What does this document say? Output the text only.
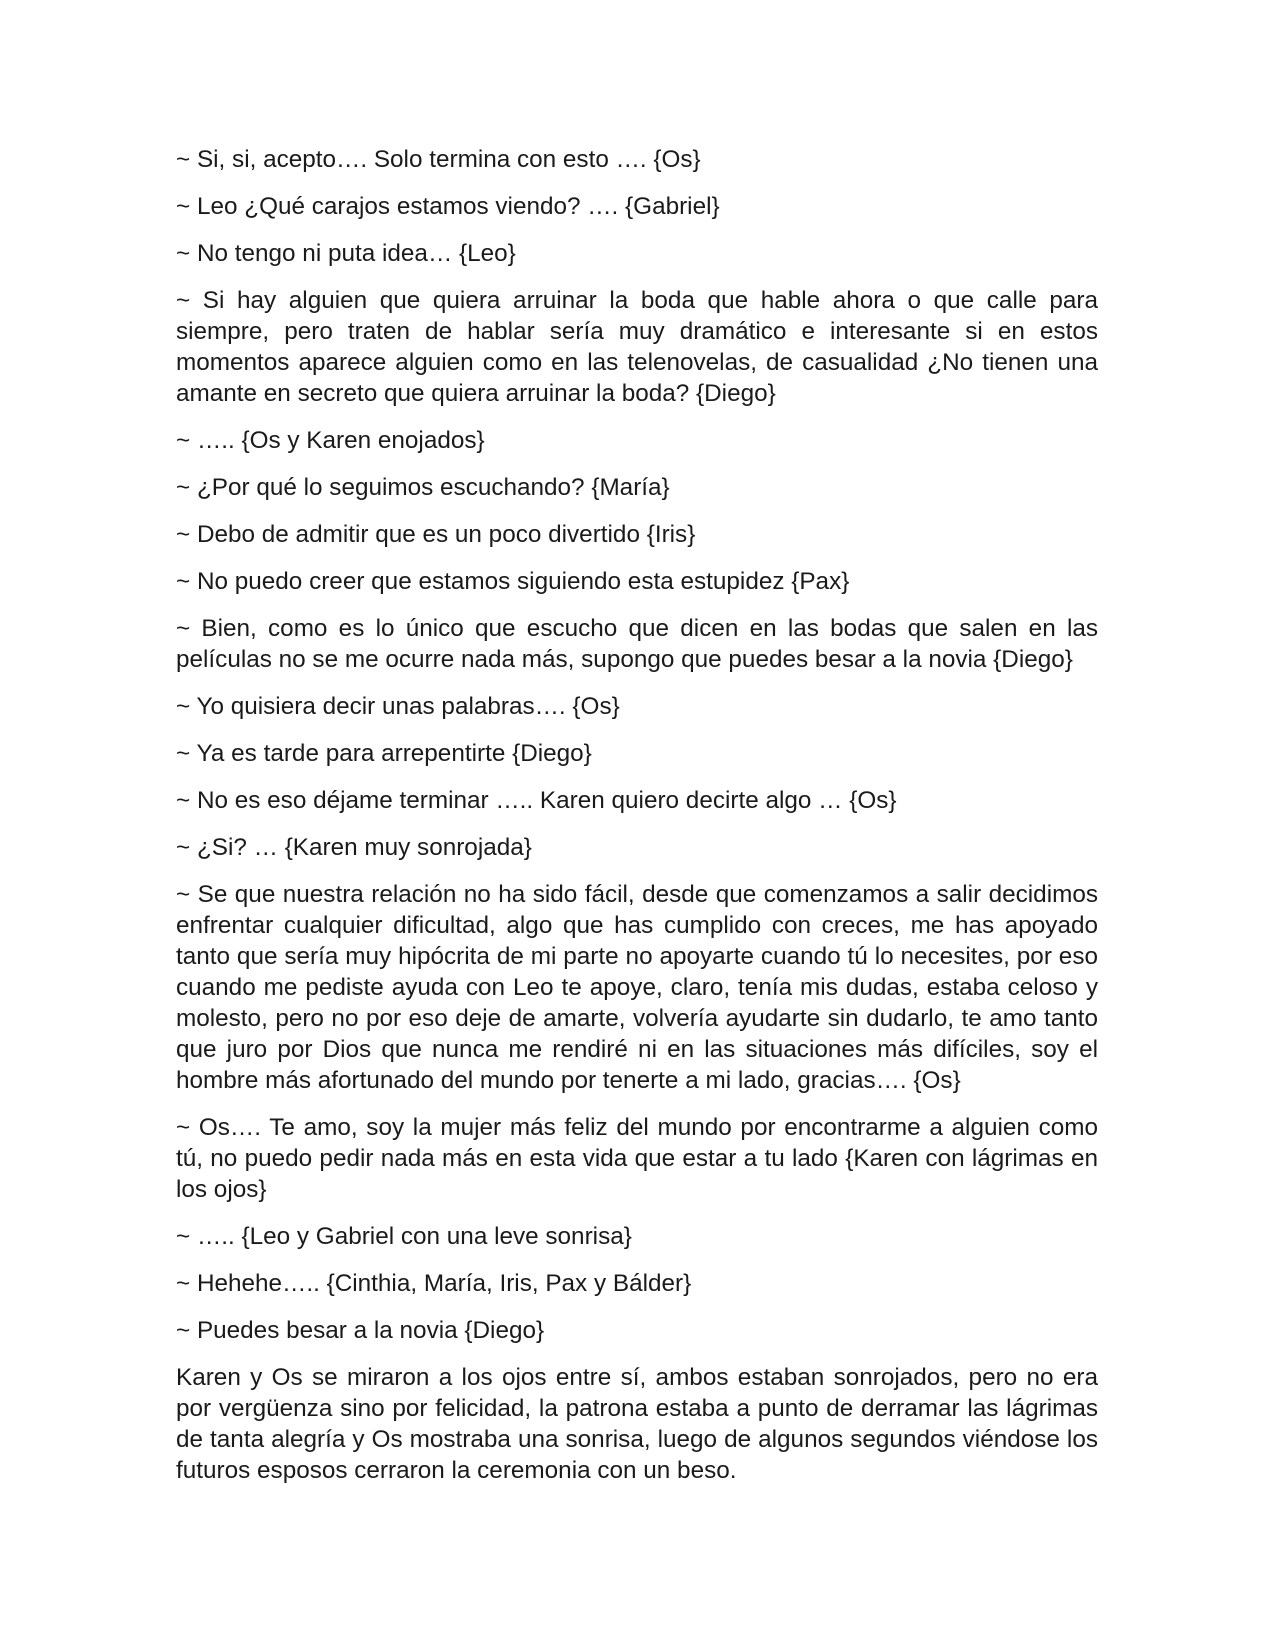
~ Si, si, acepto…. Solo termina con esto …. {Os}

~ Leo ¿Qué carajos estamos viendo? …. {Gabriel}

~ No tengo ni puta idea… {Leo}

~ Si hay alguien que quiera arruinar la boda que hable ahora o que calle para siempre, pero traten de hablar sería muy dramático e interesante si en estos momentos aparece alguien como en las telenovelas, de casualidad ¿No tienen una amante en secreto que quiera arruinar la boda? {Diego}

~ ….. {Os y Karen enojados}

~ ¿Por qué lo seguimos escuchando? {María}

~ Debo de admitir que es un poco divertido {Iris}

~ No puedo creer que estamos siguiendo esta estupidez {Pax}

~ Bien, como es lo único que escucho que dicen en las bodas que salen en las películas no se me ocurre nada más, supongo que puedes besar a la novia {Diego}

~ Yo quisiera decir unas palabras…. {Os}

~ Ya es tarde para arrepentirte {Diego}

~ No es eso déjame terminar ….. Karen quiero decirte algo … {Os}

~ ¿Si? … {Karen muy sonrojada}

~ Se que nuestra relación no ha sido fácil, desde que comenzamos a salir decidimos enfrentar cualquier dificultad, algo que has cumplido con creces, me has apoyado tanto que sería muy hipócrita de mi parte no apoyarte cuando tú lo necesites, por eso cuando me pediste ayuda con Leo te apoye, claro, tenía mis dudas, estaba celoso y molesto, pero no por eso deje de amarte, volvería ayudarte sin dudarlo, te amo tanto que juro por Dios que nunca me rendiré ni en las situaciones más difíciles, soy el hombre más afortunado del mundo por tenerte a mi lado, gracias…. {Os}

~ Os…. Te amo, soy la mujer más feliz del mundo por encontrarme a alguien como tú, no puedo pedir nada más en esta vida que estar a tu lado {Karen con lágrimas en los ojos}

~ ….. {Leo y Gabriel con una leve sonrisa}

~ Hehehe….. {Cinthia, María, Iris, Pax y Bálder}

~ Puedes besar a la novia {Diego}

Karen y Os se miraron a los ojos entre sí, ambos estaban sonrojados, pero no era por vergüenza sino por felicidad, la patrona estaba a punto de derramar las lágrimas de tanta alegría y Os mostraba una sonrisa, luego de algunos segundos viéndose los futuros esposos cerraron la ceremonia con un beso.
